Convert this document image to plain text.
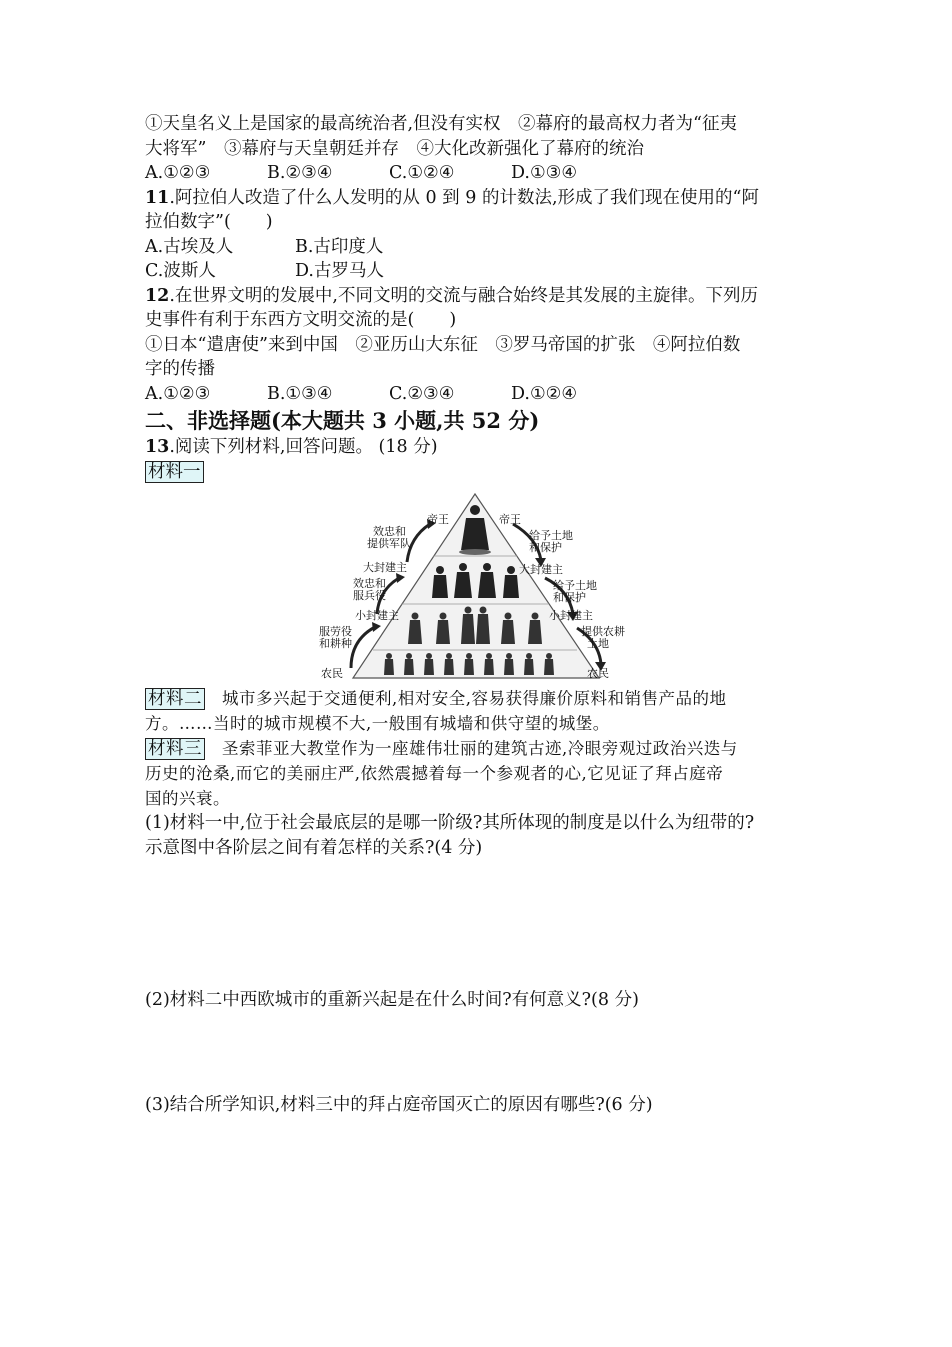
①天皇名义上是国家的最高统治者,但没有实权　②幕府的最高权力者为“征夷
大将军”　③幕府与天皇朝廷并存　④大化改新强化了幕府的统治
A.①②③	B.②③④	C.①②④	D.①③④
11.阿拉伯人改造了什么人发明的从 0 到 9 的计数法,形成了我们现在使用的“阿
拉伯数字”(　　)
A.古埃及人	B.古印度人
C.波斯人	D.古罗马人
12.在世界文明的发展中,不同文明的交流与融合始终是其发展的主旋律。下列历
史事件有利于东西方文明交流的是(　　)
①日本“遣唐使”来到中国　②亚历山大东征　③罗马帝国的扩张　④阿拉伯数
字的传播
A.①②③	B.①③④	C.②③④	D.①②④
二、非选择题(本大题共 3 小题,共 52 分)
13.阅读下列材料,回答问题。 (18 分)
材料一
帝王	帝王
效忠和
提供军队
给予土地
和保护
大封建主	大封建主
效忠和
服兵役
给予土地
和保护
小封建主	小封建主
服劳役
和耕种
提供农耕
土地
农民	农民
材料二　城市多兴起于交通便利,相对安全,容易获得廉价原料和销售产品的地
方。……当时的城市规模不大,一般围有城墙和供守望的城堡。
材料三　圣索菲亚大教堂作为一座雄伟壮丽的建筑古迹,冷眼旁观过政治兴迭与
历史的沧桑,而它的美丽庄严,依然震撼着每一个参观者的心,它见证了拜占庭帝
国的兴衰。
(1)材料一中,位于社会最底层的是哪一阶级?其所体现的制度是以什么为纽带的?
示意图中各阶层之间有着怎样的关系?(4 分)
(2)材料二中西欧城市的重新兴起是在什么时间?有何意义?(8 分)
(3)结合所学知识,材料三中的拜占庭帝国灭亡的原因有哪些?(6 分)
